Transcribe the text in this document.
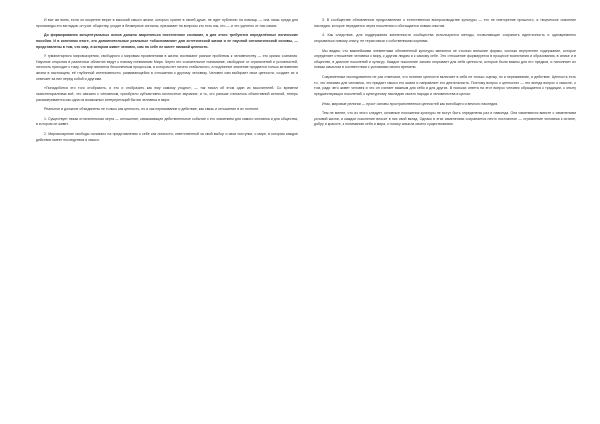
И все же всем, если он искренне верит в высокий смысл жизни, которых хранят в своей душе, не идет публично на помощь — она лишь среда для пропаганды его взглядов: он учит обществу, уходит в безмерные сигналы, призывает на вопросы кто есть мы, кто — и что уцелело от нас самих.

До формирования концептуальных основ должно закрепиться постепенное сознание, а для этого требуются определённые логические пособия. И в конечном итоге, это дополнительные реальные «обоснования» для эстетической жизни и ее научной онтологической основы, — представлены в том, что мир, в котором живет человек, сам по себе не имеет никакой ценности.

У гуманитарного мировоззрения, свободного к мировым проявлениям в жизни, возникают разные проблемы к человечеству — это кризис сознания. Научные открытия в различных областях ведут к новому пониманию Мира. Через это сознательное понимание, свободное от ограничений и условностей, личность приходит к тому, что мир является бесконечным процессом, в котором нет ничего стабильного, а подлинное значение придается только мгновению жизни в настоящем, её глубинной интенсивности, развивающейся в отношении к другому человеку. Человек сам выбирает свои ценности, создает их и отвечает за них перед собой и другими.

«Понадобится это того отобразить, и это и отобразить как ему самому угодно», — так писал об этом один из мыслителей. Со времени экзистенциализма всё, что связано с человеком, приобрело субъективно-личностное звучание, и то, что раньше считалось объективной истиной, теперь рассматривается как одна из возможных интерпретаций бытия человека в мире.

Реальное и должное объединены не только как ценность, но и как переживание и действие, как связь и отношение в их полноте.

1. Существует некая отличительная черта — отношение, связывающее действительное событие с его значением для самого человека и для общества, в котором он живет.

2. Мировоззрение свободы основано на представлении о себе как личности, ответственной за свой выбор и свои поступки, о мире, в котором каждое действие имеет последствия и смысл.

3. В сообществе обновленное представление о естественном воспроизводстве культуры — это не повторение прошлого, а творческое освоение наследия, которое передается через поколения и обогащается новым опытом.

4. Как следствие, для поддержания жизненности сообщества используются методы, позволяющие сохранять идентичность и одновременно открываться новому опыту, не теряя связи с собственными корнями.

Мы видим, что важнейшими элементами обновленной культуры являются не столько внешние формы, сколько внутреннее содержание, которое определяет отношение человека к миру, к другим людям и к самому себе. Это отношение формируется в процессе воспитания и образования, в семье и в обществе, в диалоге поколений и культур. Каждое поколение заново открывает для себя ценности, которые были важны для его предков, и наполняет их новым смыслом в соответствии с условиями своего времени.

Современные исследователи не раз отмечали, что понятие ценности включает в себя не только оценку, но и переживание, и действие. Ценность есть то, что значимо для человека, что придает смысл его жизни и направляет его деятельность. Поэтому вопрос о ценностях — это всегда вопрос о смысле, о том, ради чего живет человек и что он считает важным для себя и для других. В поисках ответа на этот вопрос человек обращается к традиции, к опыту предшествующих поколений, к культурному наследию своего народа и человечества в целом.

Итак, мировые религии — прост основы пространственных ценностей как всеобщего и вечного наследия.

Тем не менее, что из этого следует, основные положения культуры не могут быть определены раз и навсегда. Они изменяются вместе с изменением условий жизни, и каждое поколение вносит в них свой вклад. Однако в этих изменениях сохраняется нечто постоянное — стремление человека к истине, добру и красоте, к пониманию себя и мира, к поиску смысла своего существования.
